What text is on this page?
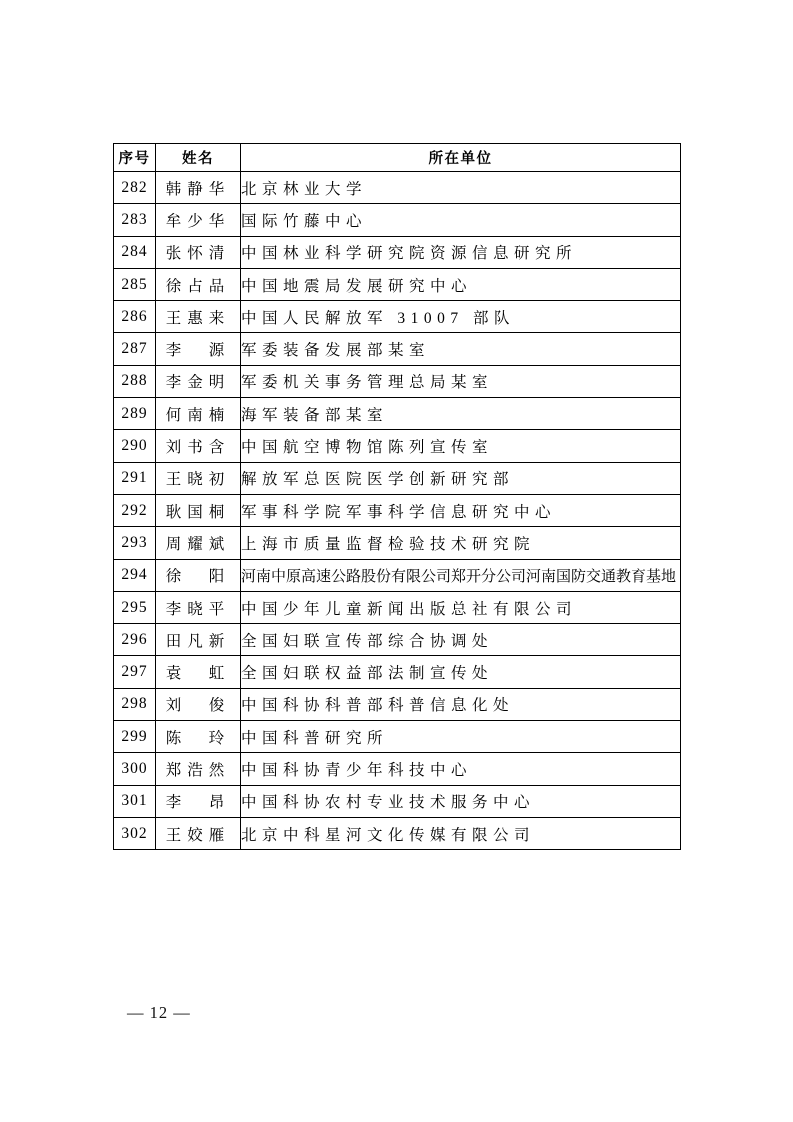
序号	姓名	所在单位
282	韩静华	北京林业大学
283	牟少华	国际竹藤中心
284	张怀清	中国林业科学研究院资源信息研究所
285	徐占品	中国地震局发展研究中心
286	王惠来	中国人民解放军 31007 部队
287	李　源	军委装备发展部某室
288	李金明	军委机关事务管理总局某室
289	何南楠	海军装备部某室
290	刘书含	中国航空博物馆陈列宣传室
291	王晓初	解放军总医院医学创新研究部
292	耿国桐	军事科学院军事科学信息研究中心
293	周耀斌	上海市质量监督检验技术研究院
294	徐　阳	河南中原高速公路股份有限公司郑开分公司河南国防交通教育基地
295	李晓平	中国少年儿童新闻出版总社有限公司
296	田凡新	全国妇联宣传部综合协调处
297	袁　虹	全国妇联权益部法制宣传处
298	刘　俊	中国科协科普部科普信息化处
299	陈　玲	中国科普研究所
300	郑浩然	中国科协青少年科技中心
301	李　昂	中国科协农村专业技术服务中心
302	王姣雁	北京中科星河文化传媒有限公司
— 12 —
